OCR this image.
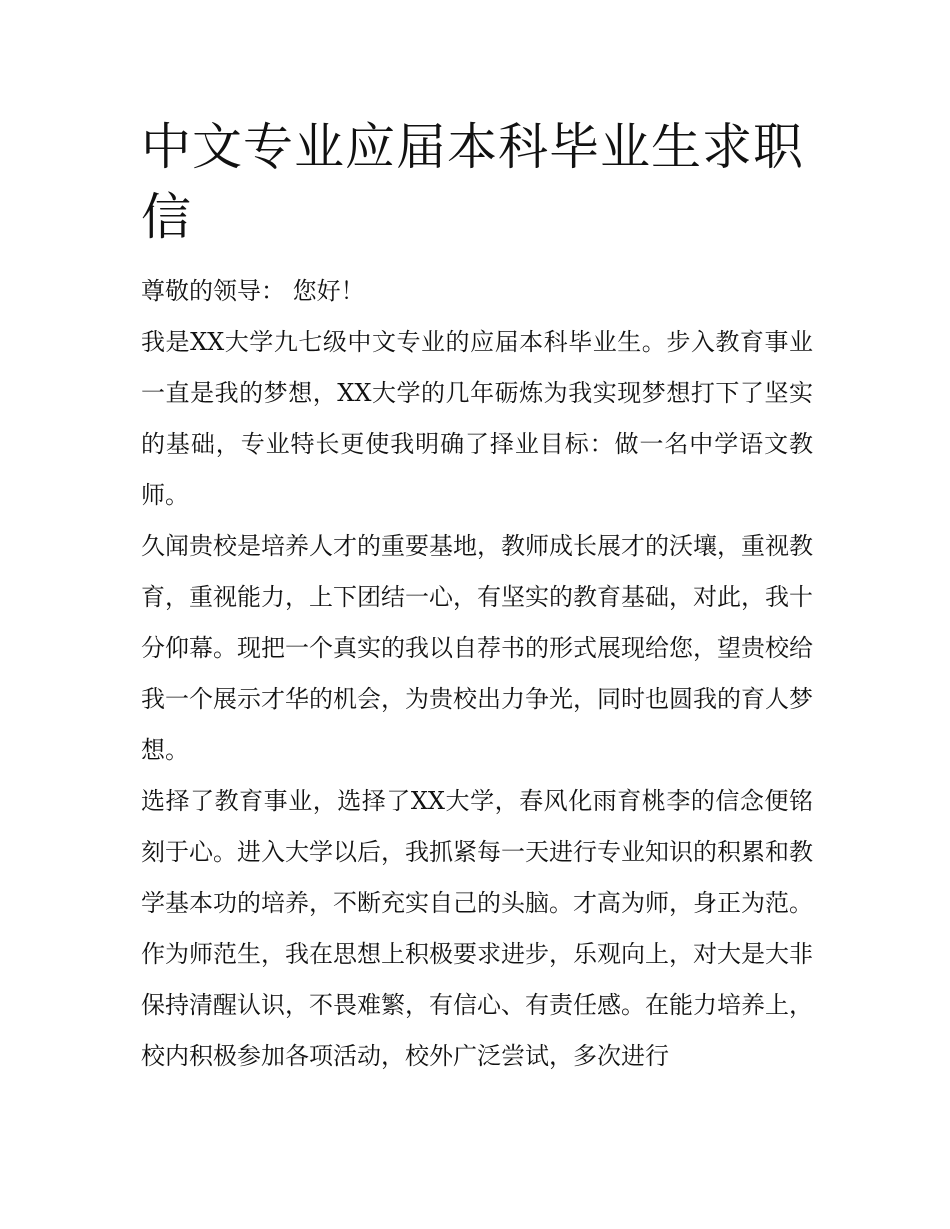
中文专业应届本科毕业生求职信

尊敬的领导： 您好！

我是XX大学九七级中文专业的应届本科毕业生。步入教育事业一直是我的梦想，XX大学的几年砺炼为我实现梦想打下了坚实的基础，专业特长更使我明确了择业目标：做一名中学语文教师。

久闻贵校是培养人才的重要基地，教师成长展才的沃壤，重视教育，重视能力，上下团结一心，有坚实的教育基础，对此，我十分仰幕。现把一个真实的我以自荐书的形式展现给您，望贵校给我一个展示才华的机会，为贵校出力争光，同时也圆我的育人梦想。

选择了教育事业，选择了XX大学，春风化雨育桃李的信念便铭刻于心。进入大学以后，我抓紧每一天进行专业知识的积累和教学基本功的培养，不断充实自己的头脑。才高为师，身正为范。作为师范生，我在思想上积极要求进步，乐观向上，对大是大非保持清醒认识，不畏难繁，有信心、有责任感。在能力培养上，校内积极参加各项活动，校外广泛尝试，多次进行
